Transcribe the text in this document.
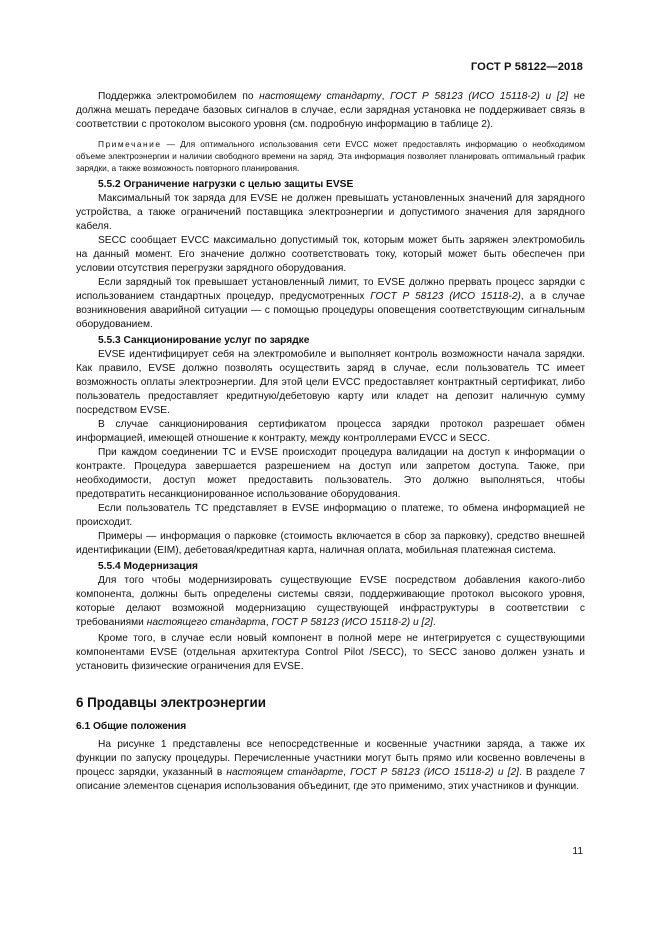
ГОСТ Р 58122—2018

Поддержка электромобилем по настоящему стандарту, ГОСТ Р 58123 (ИСО 15118-2) и [2] не должна мешать передаче базовых сигналов в случае, если зарядная установка не поддерживает связь в соответствии с протоколом высокого уровня (см. подробную информацию в таблице 2).

Примечание — Для оптимального использования сети EVCC может предоставлять информацию о необходимом объеме электроэнергии и наличии свободного времени на заряд. Эта информация позволяет планировать оптимальный график зарядки, а также возможность повторного планирования.

5.5.2 Ограничение нагрузки с целью защиты EVSE

Максимальный ток заряда для EVSE не должен превышать установленных значений для зарядного устройства, а также ограничений поставщика электроэнергии и допустимого значения для зарядного кабеля.

SECC сообщает EVCC максимально допустимый ток, которым может быть заряжен электромобиль на данный момент. Его значение должно соответствовать току, который может быть обеспечен при условии отсутствия перегрузки зарядного оборудования.

Если зарядный ток превышает установленный лимит, то EVSE должно прервать процесс зарядки с использованием стандартных процедур, предусмотренных ГОСТ Р 58123 (ИСО 15118-2), а в случае возникновения аварийной ситуации — с помощью процедуры оповещения соответствующим сигнальным оборудованием.

5.5.3 Санкционирование услуг по зарядке

EVSE идентифицирует себя на электромобиле и выполняет контроль возможности начала зарядки. Как правило, EVSE должно позволять осуществить заряд в случае, если пользователь ТС имеет возможность оплаты электроэнергии. Для этой цели EVCC предоставляет контрактный сертификат, либо пользователь предоставляет кредитную/дебетовую карту или кладет на депозит наличную сумму посредством EVSE.

В случае санкционирования сертификатом процесса зарядки протокол разрешает обмен информацией, имеющей отношение к контракту, между контроллерами EVCC и SECC.

При каждом соединении ТС и EVSE происходит процедура валидации на доступ к информации о контракте. Процедура завершается разрешением на доступ или запретом доступа. Также, при необходимости, доступ может предоставить пользователь. Это должно выполняться, чтобы предотвратить несанкционированное использование оборудования.

Если пользователь ТС представляет в EVSE информацию о платеже, то обмена информацией не происходит.

Примеры — информация о парковке (стоимость включается в сбор за парковку), средство внешней идентификации (EIM), дебетовая/кредитная карта, наличная оплата, мобильная платежная система.

5.5.4 Модернизация

Для того чтобы модернизировать существующие EVSE посредством добавления какого-либо компонента, должны быть определены системы связи, поддерживающие протокол высокого уровня, которые делают возможной модернизацию существующей инфраструктуры в соответствии с требованиями настоящего стандарта, ГОСТ Р 58123 (ИСО 15118-2) и [2].

Кроме того, в случае если новый компонент в полной мере не интегрируется с существующими компонентами EVSE (отдельная архитектура Control Pilot /SECC), то SECC заново должен узнать и установить физические ограничения для EVSE.

6 Продавцы электроэнергии

6.1 Общие положения

На рисунке 1 представлены все непосредственные и косвенные участники заряда, а также их функции по запуску процедуры. Перечисленные участники могут быть прямо или косвенно вовлечены в процесс зарядки, указанный в настоящем стандарте, ГОСТ Р 58123 (ИСО 15118-2) и [2]. В разделе 7 описание элементов сценария использования объединит, где это применимо, этих участников и функции.

11
